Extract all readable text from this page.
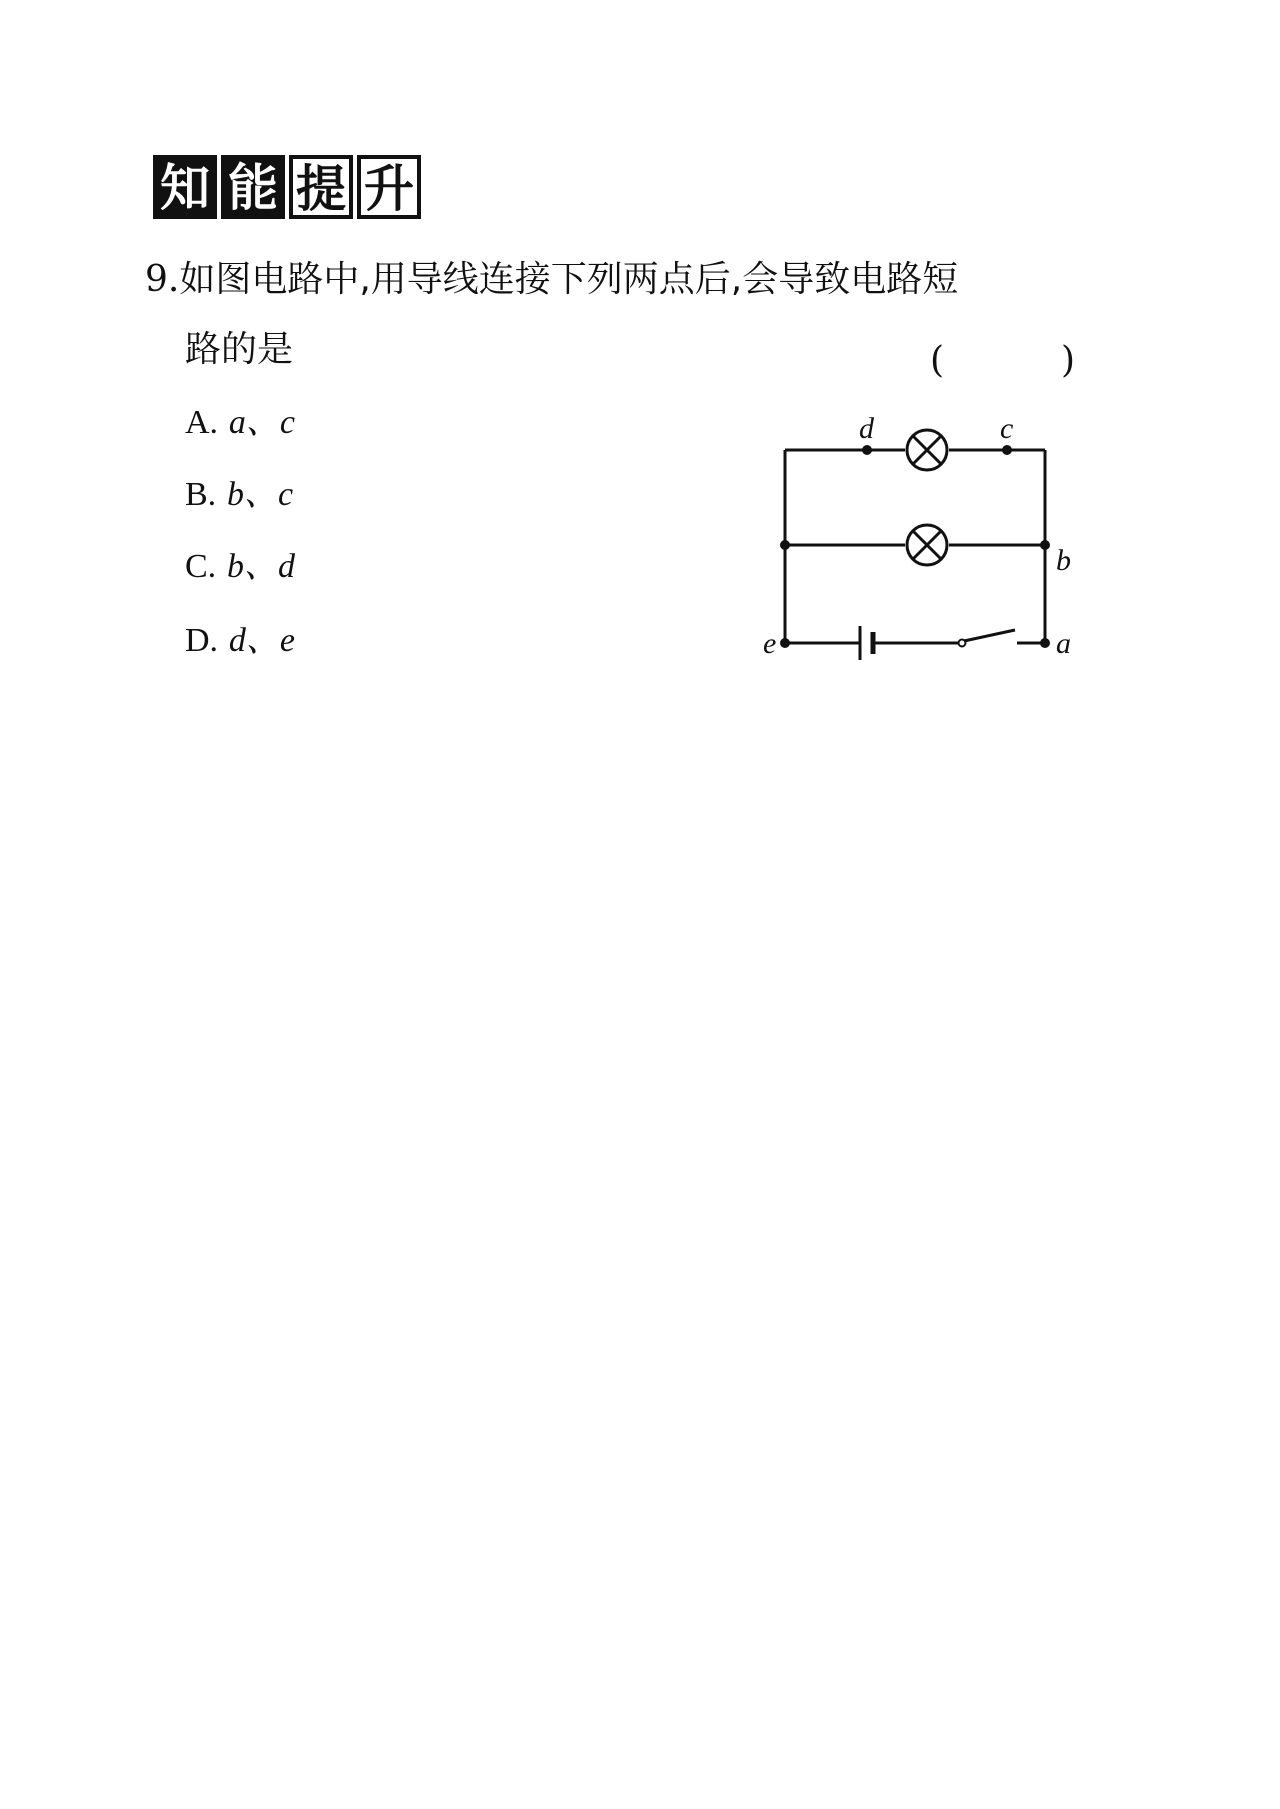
知 能 提 升
9.如图电路中,用导线连接下列两点后,会导致电路短
路的是	(	)
A. a、c
B. b、c
C. b、d
D. d、e
d	c
b
e	a
